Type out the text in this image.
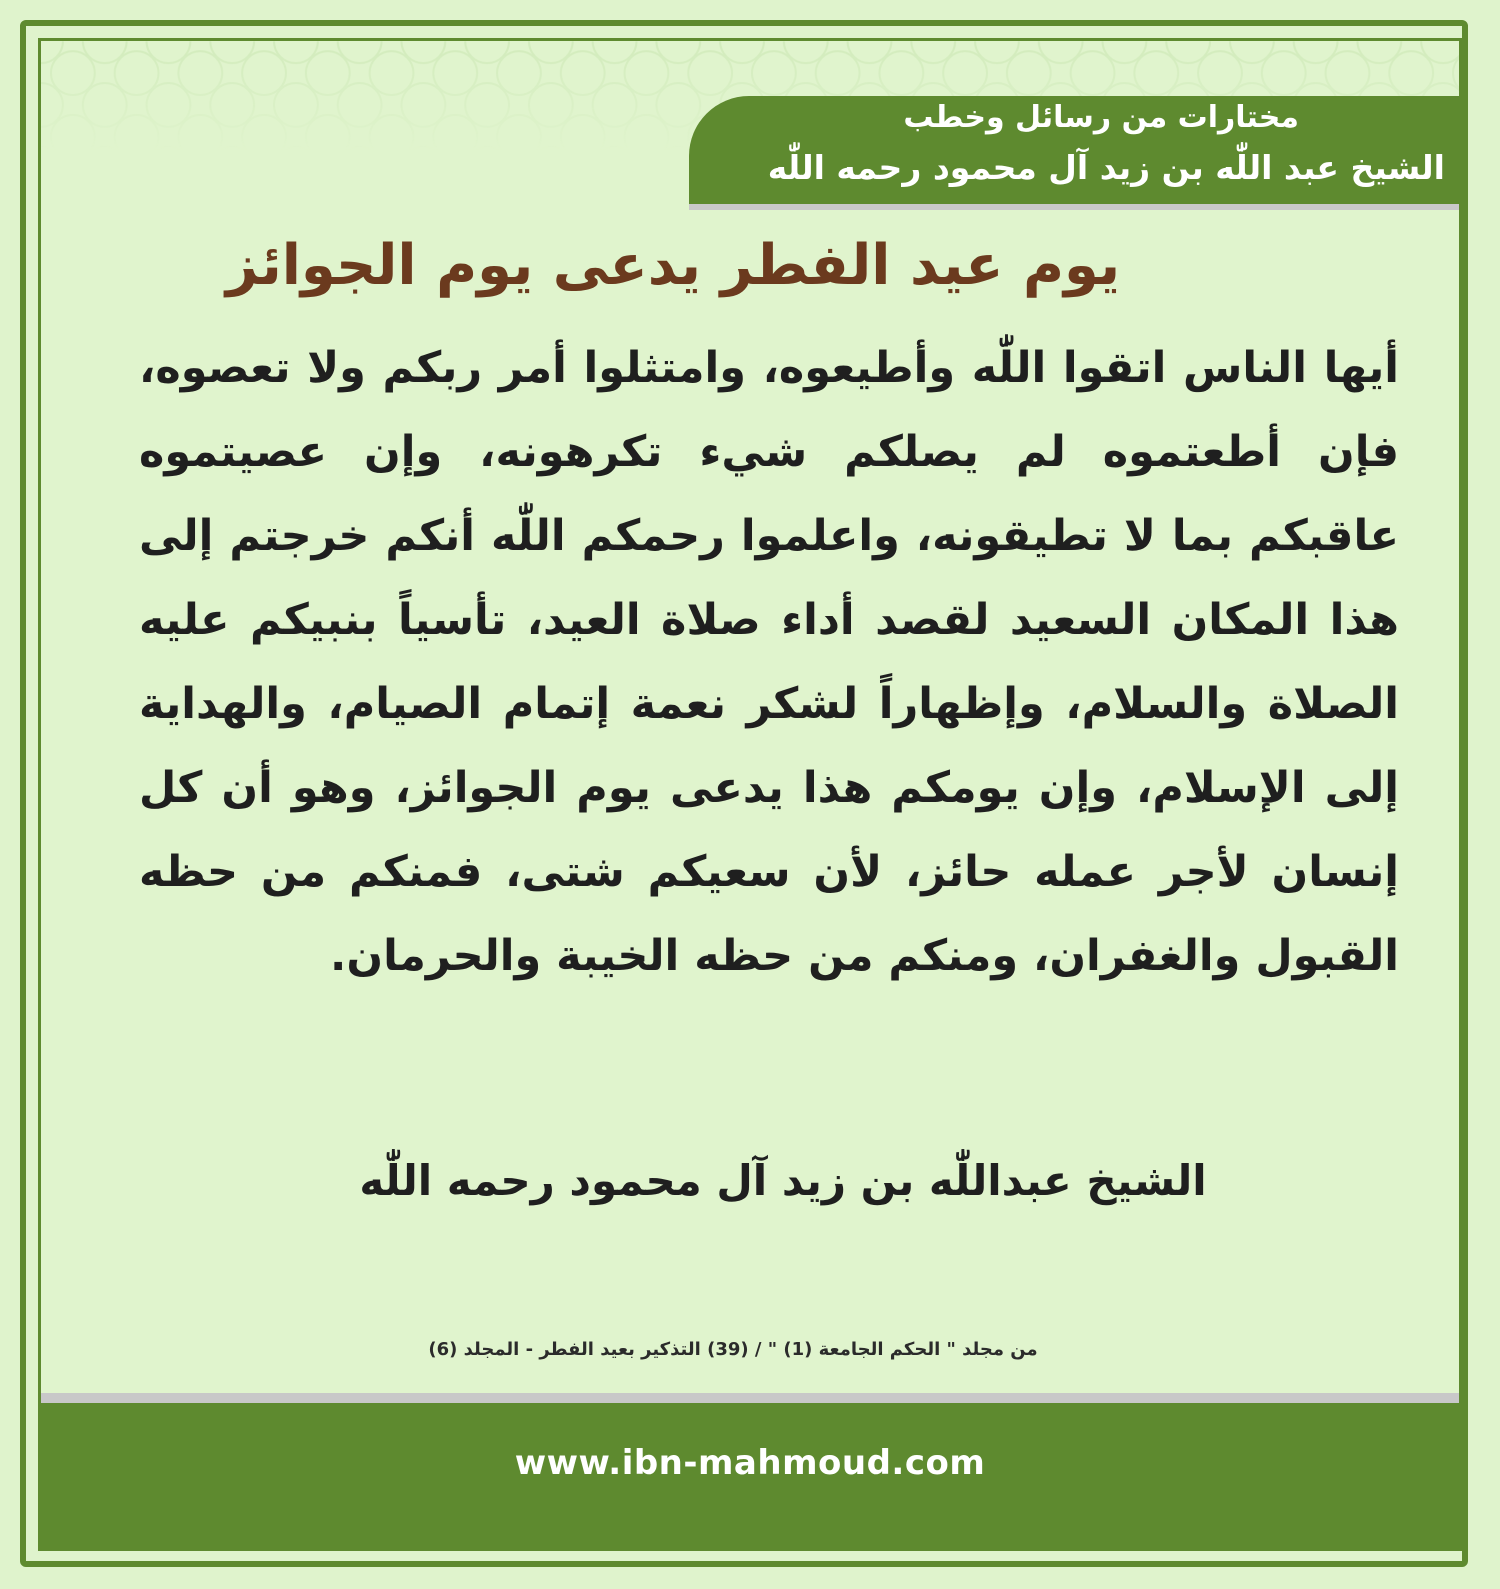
مختارات من رسائل وخطب
الشيخ عبد اللّٰه بن زيد آل محمود رحمه اللّٰه
يوم عيد الفطر يدعى يوم الجوائز
أيها الناس اتقوا اللّٰه وأطيعوه، وامتثلوا أمر ربكم ولا تعصوه، فإن أطعتموه لم يصلكم شيء تكرهونه، وإن عصيتموه عاقبكم بما لا تطيقونه، واعلموا رحمكم اللّٰه أنكم خرجتم إلى هذا المكان السعيد لقصد أداء صلاة العيد، تأسياً بنبيكم عليه الصلاة والسلام، وإظهاراً لشكر نعمة إتمام الصيام، والهداية إلى الإسلام، وإن يومكم هذا يدعى يوم الجوائز، وهو أن كل إنسان لأجر عمله حائز، لأن سعيكم شتى، فمنكم من حظه القبول والغفران، ومنكم من حظه الخيبة والحرمان.
الشيخ عبداللّٰه بن زيد آل محمود رحمه اللّٰه
من مجلد " الحكم الجامعة (1) " / (39) التذكير بعيد الفطر - المجلد (6)
www.ibn-mahmoud.com
